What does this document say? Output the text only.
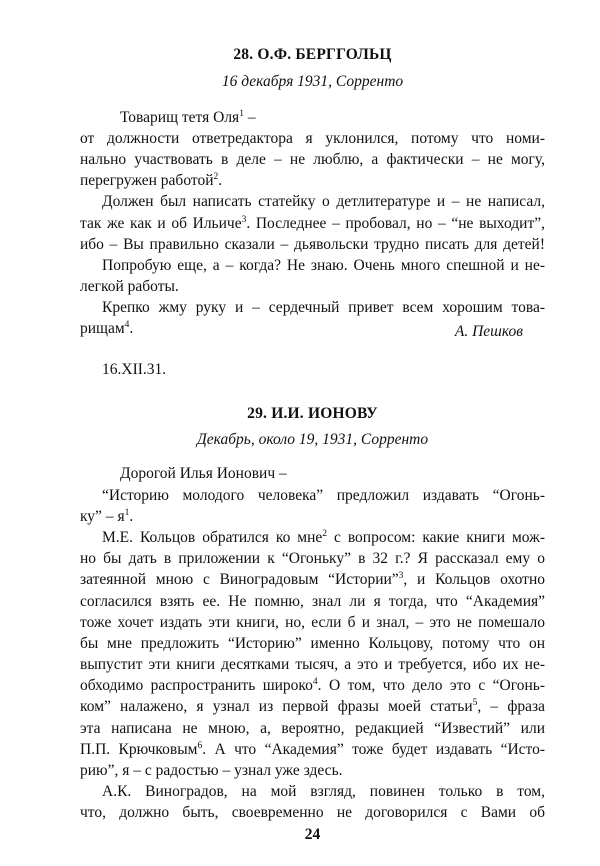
28. О.Ф. БЕРГГОЛЬЦ
16 декабря 1931, Сорренто
Товарищ тетя Оля$^1$ –
от должности ответредактора я уклонился, потому что номи-
нально участвовать в деле – не люблю, а фактически – не могу,
перегружен работой$^2$.
Должен был написать статейку о детлитературе и – не написал,
так же как и об Ильиче$^3$. Последнее – пробовал, но – “не выходит”,
ибо – Вы правильно сказали – дьявольски трудно писать для детей!
Попробую еще, а – когда? Не знаю. Очень много спешной и не-
легкой работы.
Крепко жму руку и – сердечный привет всем хорошим това-
рищам$^4$.	А. Пешков
16.XII.31.
29. И.И. ИОНОВУ
Декабрь, около 19, 1931, Сорренто
Дорогой Илья Ионович –
“Историю молодого человека” предложил издавать “Огонь-
ку” – $я^1$.
М.Е. Кольцов обратился ко мне$^2$ с вопросом: какие книги мож-
но бы дать в приложении к “Огоньку” в 32 г.? Я рассказал ему о
затеянной мною с Виноградовым “Истории”$^3$, и Кольцов охотно
согласился взять ее. Не помню, знал ли я тогда, что “Академия”
тоже хочет издать эти книги, но, если б и знал, – это не помешало
бы мне предложить “Историю” именно Кольцову, потому что он
выпустит эти книги десятками тысяч, а это и требуется, ибо их не-
обходимо распространить широко$^4$. О том, что дело это с “Огонь-
ком” налажено, я узнал из первой фразы моей статьи$^5$, – фраза
эта написана не мною, а, вероятно, редакцией “Известий” или
П.П. Крючковым$^6$. А что “Академия” тоже будет издавать “Исто-
рию”, я – с радостью – узнал уже здесь.
А.К. Виноградов, на мой взгляд, повинен только в том,
что, должно быть, своевременно не договорился с Вами об
24
